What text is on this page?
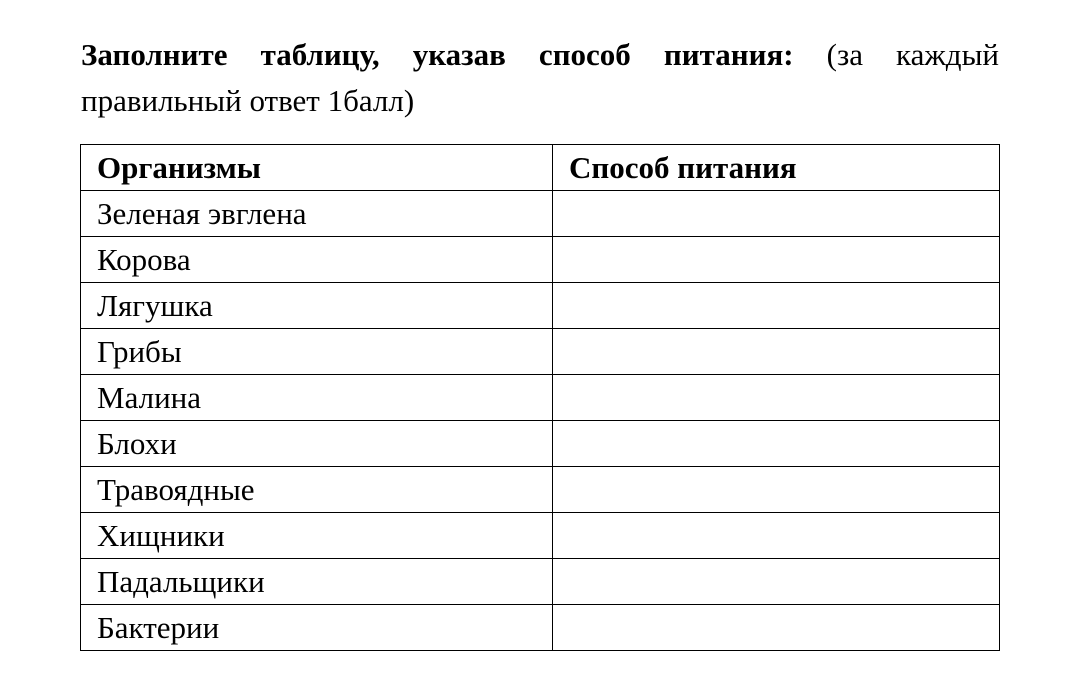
Заполните таблицу, указав способ питания: (за каждый правильный ответ 1балл)

Организмы	Способ питания
Зеленая эвглена	
Корова	
Лягушка	
Грибы	
Малина	
Блохи	
Травоядные	
Хищники	
Падальщики	
Бактерии	
